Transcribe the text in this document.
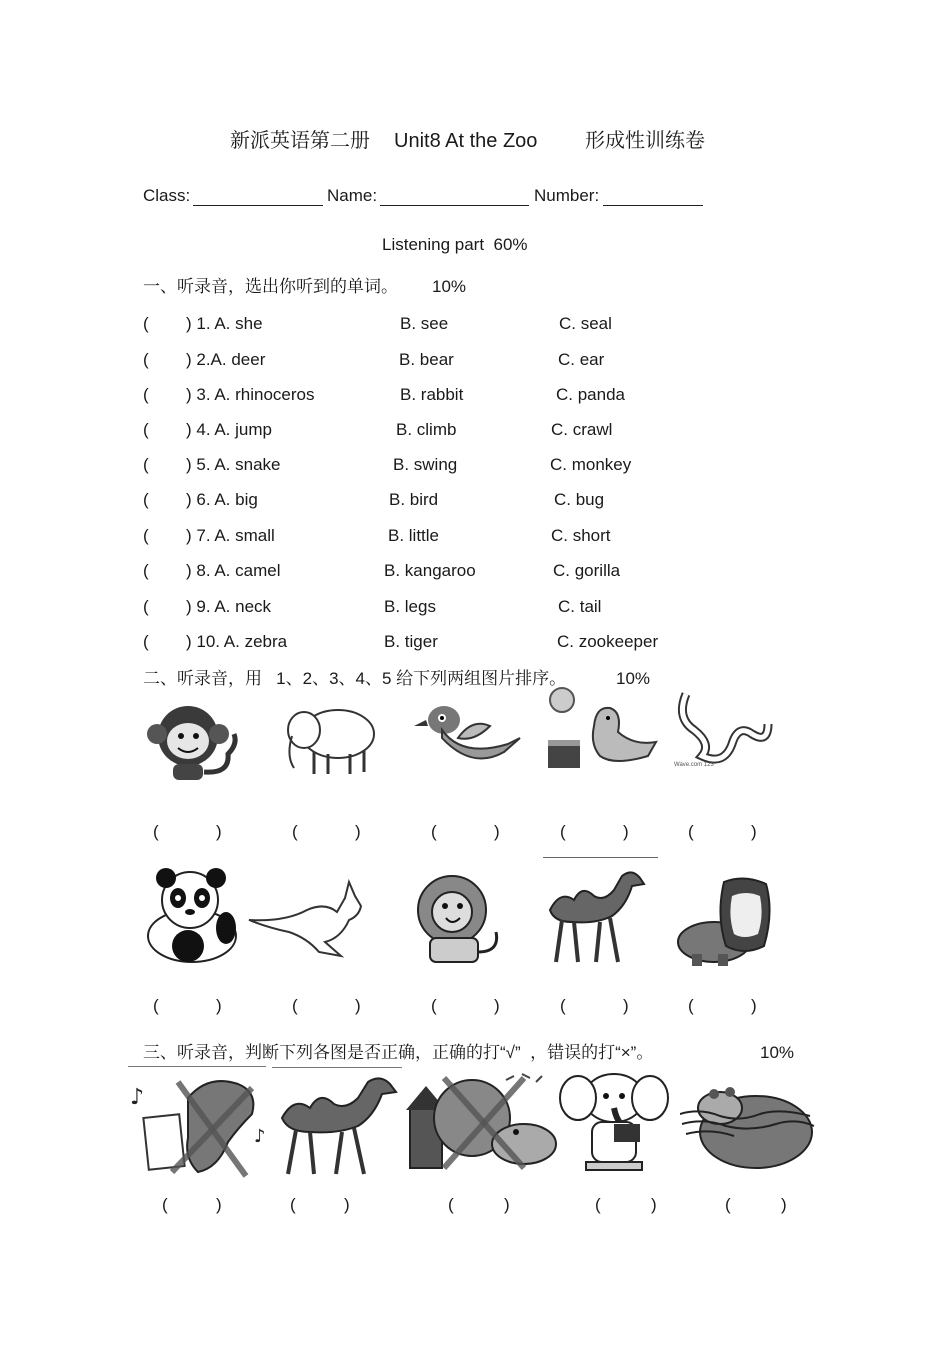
新派英语第二册 Unit8 At the Zoo 形成性训练卷
Class:	Name:	Number:
Listening part  60%
一、听录音，选出你听到的单词。 10%
( ) 1. A. she	B. see	C. seal
( ) 2.A. deer	B. bear	C. ear
( ) 3. A. rhinoceros	B. rabbit	C. panda
( ) 4. A. jump	B. climb	C. crawl
( ) 5. A. snake	B. swing	C. monkey
( ) 6. A. big	B. bird	C. bug
( ) 7. A. small	B. little	C. short
( ) 8. A. camel	B. kangaroo	C. gorilla
( ) 9. A. neck	B. legs	C. tail
( ) 10. A. zebra	B. tiger	C. zookeeper
二、听录音，用   1、2、3、4、5 给下列两组图片排序。	10%
Wave.com 123
(	)	(	)	(	)	(	)	(	)
(	)	(	)	(	)	(	)	(	)
三、听录音，判断下列各图是否正确，正确的打“√”  ，错误的打“×”。	10%
♪
♪
(	)	(	)	(	)	(	)	(	)
